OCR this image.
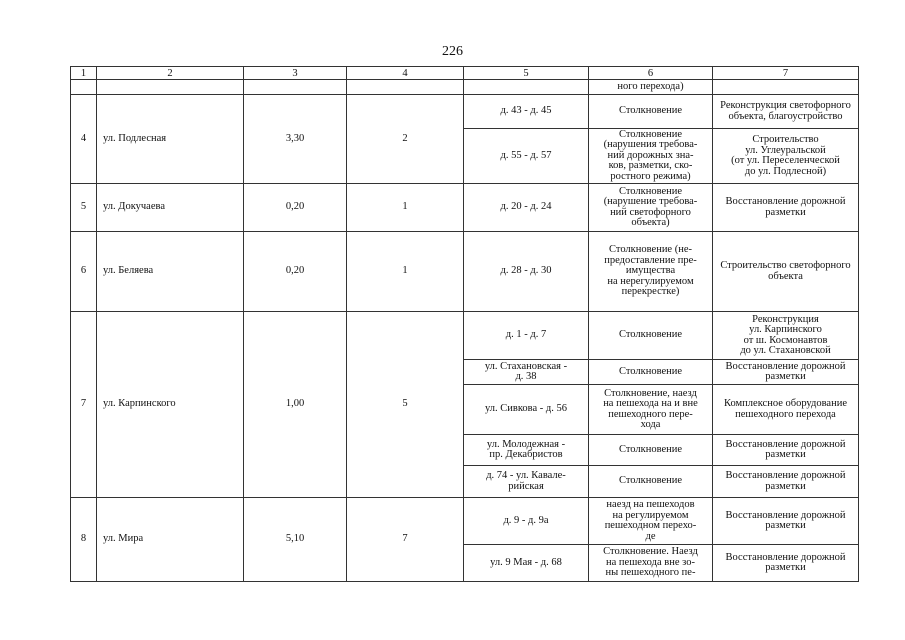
226
1	2	3	4	5	6	7
					ного перехода)	
4	ул. Подлесная	3,30	2	д. 43 - д. 45	Столкновение	Реконструкция светофорного
объекта, благоустройство
				д. 55 - д. 57	Столкновение
(нарушения требова-
ний дорожных зна-
ков, разметки, ско-
ростного режима)	Строительство
ул. Углеуральской
(от ул. Переселенческой
до ул. Подлесной)
5	ул. Докучаева	0,20	1	д. 20 - д. 24	Столкновение
(нарушение требова-
ний светофорного
объекта)	Восстановление дорожной
разметки
6	ул. Беляева	0,20	1	д. 28 - д. 30	Столкновение (не-
предоставление пре-
имущества
на нерегулируемом
перекрестке)	Строительство светофорного
объекта
7	ул. Карпинского	1,00	5	д. 1 - д. 7	Столкновение	Реконструкция
ул. Карпинского
от ш. Космонавтов
до ул. Стахановской
				ул. Стахановская -
д. 38	Столкновение	Восстановление дорожной
разметки
				ул. Сивкова - д. 56	Столкновение, наезд
на пешехода на и вне
пешеходного пере-
хода	Комплексное оборудование
пешеходного перехода
				ул. Молодежная -
пр. Декабристов	Столкновение	Восстановление дорожной
разметки
				д. 74 - ул. Кавале-
рийская	Столкновение	Восстановление дорожной
разметки
8	ул. Мира	5,10	7	д. 9 - д. 9а	наезд на пешеходов
на регулируемом
пешеходном перехо-
де	Восстановление дорожной
разметки
				ул. 9 Мая - д. 68	Столкновение. Наезд
на пешехода вне зо-
ны пешеходного пе-	Восстановление дорожной
разметки
